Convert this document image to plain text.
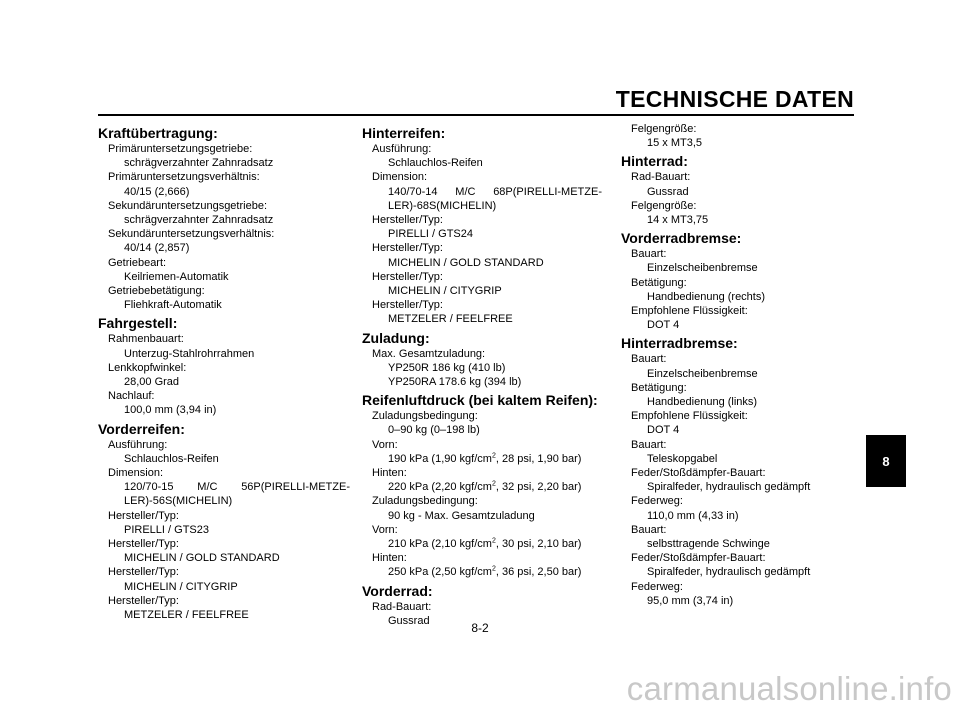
TECHNISCHE DATEN
Kraftübertragung:
Primäruntersetzungsgetriebe:
schrägverzahnter Zahnradsatz
Primäruntersetzungsverhältnis:
40/15 (2,666)
Sekundäruntersetzungsgetriebe:
schrägverzahnter Zahnradsatz
Sekundäruntersetzungsverhältnis:
40/14 (2,857)
Getriebeart:
Keilriemen-Automatik
Getriebebetätigung:
Fliehkraft-Automatik
Fahrgestell:
Rahmenbauart:
Unterzug-Stahlrohrrahmen
Lenkkopfwinkel:
28,00 Grad
Nachlauf:
100,0 mm (3,94 in)
Vorderreifen:
Ausführung:
Schlauchlos-Reifen
Dimension:
120/70-15 M/C 56P(PIRELLI-METZE-
LER)-56S(MICHELIN)
Hersteller/Typ:
PIRELLI / GTS23
Hersteller/Typ:
MICHELIN / GOLD STANDARD
Hersteller/Typ:
MICHELIN / CITYGRIP
Hersteller/Typ:
METZELER / FEELFREE
Hinterreifen:
Ausführung:
Schlauchlos-Reifen
Dimension:
140/70-14 M/C 68P(PIRELLI-METZE-
LER)-68S(MICHELIN)
Hersteller/Typ:
PIRELLI / GTS24
Hersteller/Typ:
MICHELIN / GOLD STANDARD
Hersteller/Typ:
MICHELIN / CITYGRIP
Hersteller/Typ:
METZELER / FEELFREE
Zuladung:
Max. Gesamtzuladung:
YP250R 186 kg (410 lb)
YP250RA 178.6 kg (394 lb)
Reifenluftdruck (bei kaltem Reifen):
Zuladungsbedingung:
0–90 kg (0–198 lb)
Vorn:
190 kPa (1,90 kgf/$cm^2$, 28 psi, 1,90 bar)
Hinten:
220 kPa (2,20 kgf/$cm^2$, 32 psi, 2,20 bar)
Zuladungsbedingung:
90 kg - Max. Gesamtzuladung
Vorn:
210 kPa (2,10 kgf/$cm^2$, 30 psi, 2,10 bar)
Hinten:
250 kPa (2,50 kgf/$cm^2$, 36 psi, 2,50 bar)
Vorderrad:
Rad-Bauart:
Gussrad
Felgengröße:
15 x MT3,5
Hinterrad:
Rad-Bauart:
Gussrad
Felgengröße:
14 x MT3,75
Vorderradbremse:
Bauart:
Einzelscheibenbremse
Betätigung:
Handbedienung (rechts)
Empfohlene Flüssigkeit:
DOT 4
Hinterradbremse:
Bauart:
Einzelscheibenbremse
Betätigung:
Handbedienung (links)
Empfohlene Flüssigkeit:
DOT 4
Bauart:
Teleskopgabel
Feder/Stoßdämpfer-Bauart:
Spiralfeder, hydraulisch gedämpft
Federweg:
110,0 mm (4,33 in)
Bauart:
selbsttragende Schwinge
Feder/Stoßdämpfer-Bauart:
Spiralfeder, hydraulisch gedämpft
Federweg:
95,0 mm (3,74 in)
8
8-2
carmanualsonline.info
